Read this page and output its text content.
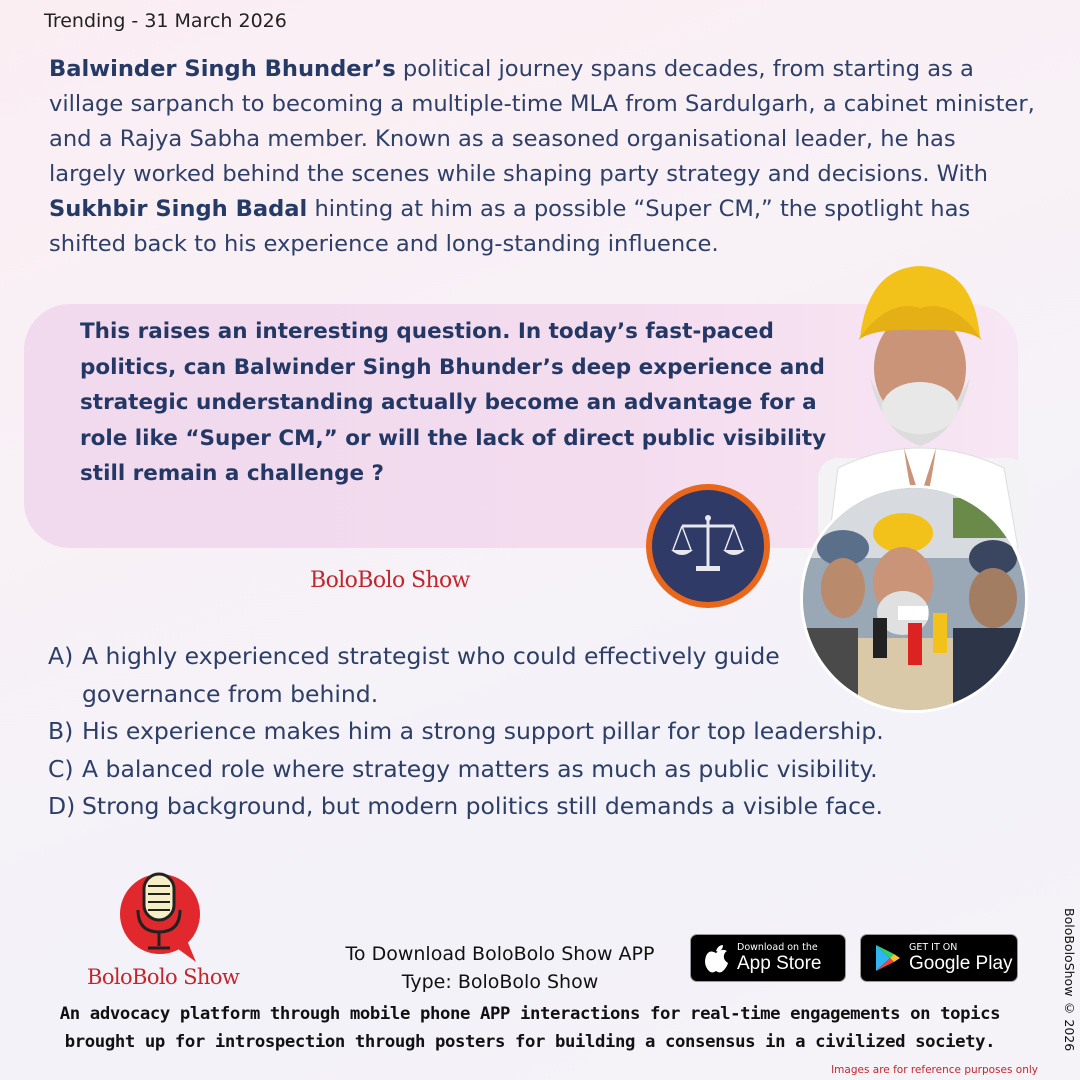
Trending - 31 March 2026

Balwinder Singh Bhunder’s political journey spans decades, from starting as a village sarpanch to becoming a multiple-time MLA from Sardulgarh, a cabinet minister, and a Rajya Sabha member. Known as a seasoned organisational leader, he has largely worked behind the scenes while shaping party strategy and decisions. With Sukhbir Singh Badal hinting at him as a possible “Super CM,” the spotlight has shifted back to his experience and long-standing influence.

This raises an interesting question. In today’s fast-paced politics, can Balwinder Singh Bhunder’s deep experience and strategic understanding actually become an advantage for a role like “Super CM,” or will the lack of direct public visibility still remain a challenge ?

BoloBolo Show
A) A highly experienced strategist who could effectively guide governance from behind.
B) His experience makes him a strong support pillar for top leadership.
C) A balanced role where strategy matters as much as public visibility.
D) Strong background, but modern politics still demands a visible face.
BoloBolo Show
To Download BoloBolo Show APP
Type: BoloBolo Show
Download on the
App Store
GET IT ON
Google Play

An advocacy platform through mobile phone APP interactions for real-time engagements on topics brought up for introspection through posters for building a consensus in a civilized society.	BoloBoloShow © 2026
Images are for reference purposes only
